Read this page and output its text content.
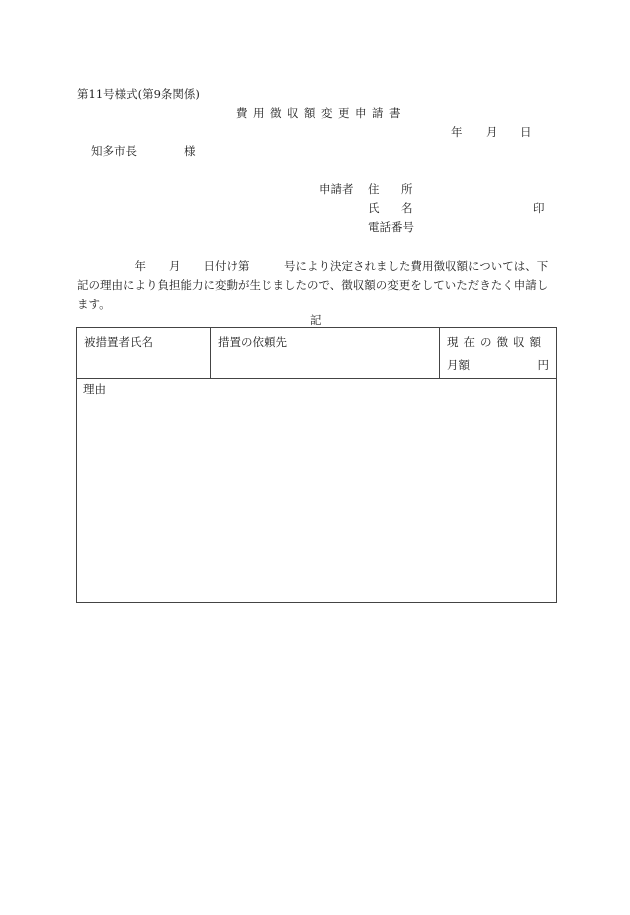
第11号様式(第9条関係)
費用徴収額変更申請書
年 月 日
知多市長	様
申請者 住 所
氏 名	印
電話番号
　　　　　年　　月　　日付け第　　　号により決定されました費用徴収額については、下記の理由により負担能力に変動が生じましたので、徴収額の変更をしていただきたく申請します。
記
被措置者氏名	措置の依頼先	現在の徴収額
月額	円
理由
